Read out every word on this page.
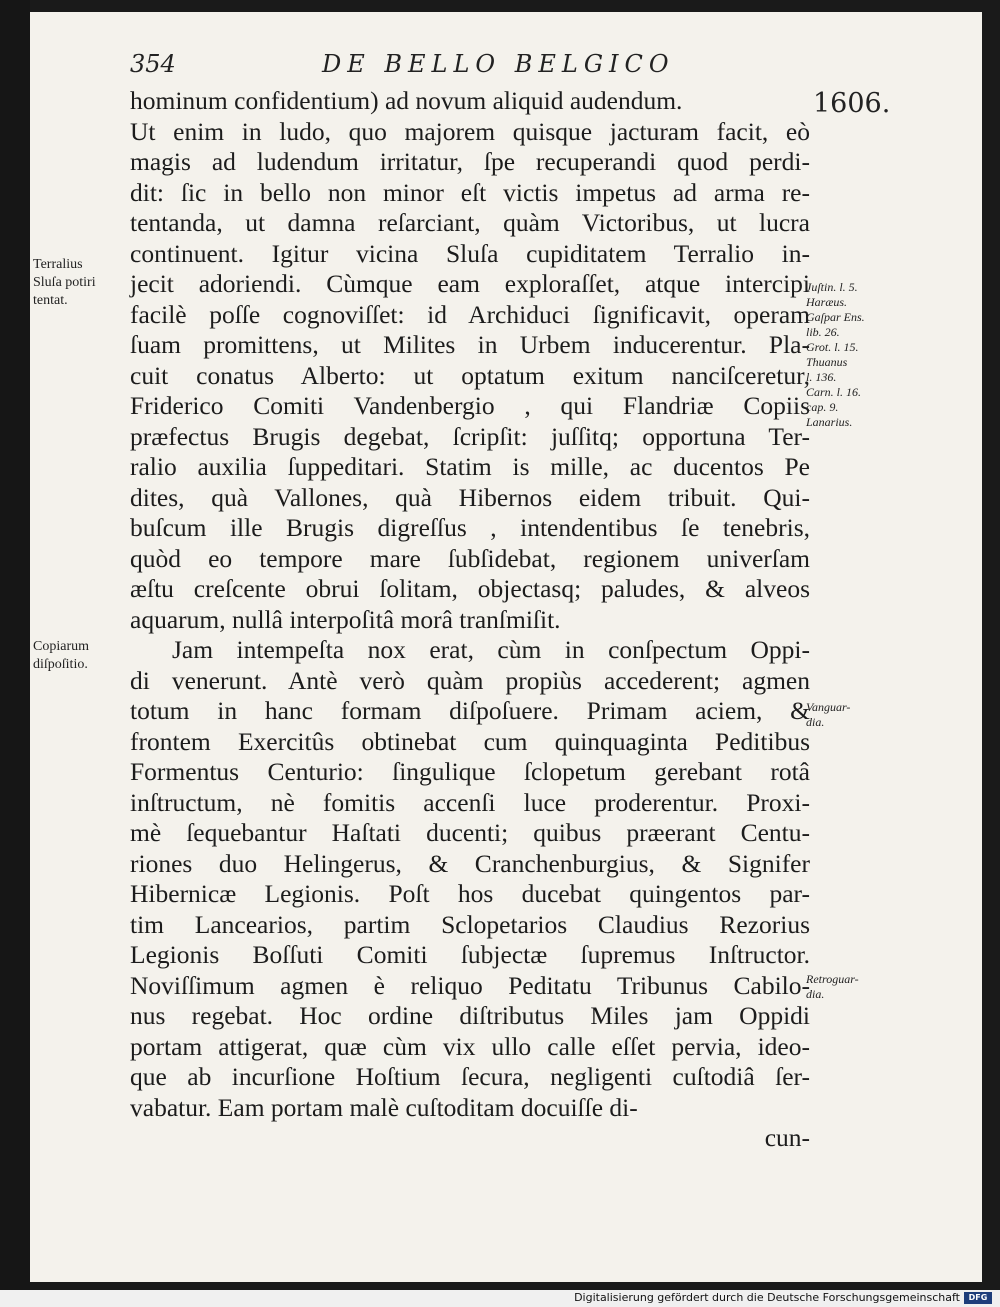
354	DE BELLO BELGICO
1606.
hominum confidentium) ad novum aliquid audendum.
Ut enim in ludo, quo majorem quisque jacturam facit, eò
magis ad ludendum irritatur, ſpe recuperandi quod perdi-
dit: ſic in bello non minor eſt victis impetus ad arma re-
tentanda, ut damna reſarciant, quàm Victoribus, ut lucra
continuent. Igitur vicina Sluſa cupiditatem Terralio in-
jecit adoriendi. Cùmque eam exploraſſet, atque intercipi
facilè poſſe cognoviſſet: id Archiduci ſignificavit, operam
ſuam promittens, ut Milites in Urbem inducerentur. Pla-
cuit conatus Alberto: ut optatum exitum nanciſceretur,
Friderico Comiti Vandenbergio , qui Flandriæ Copiis
præfectus Brugis degebat, ſcripſit: juſſitq; opportuna Ter-
ralio auxilia ſuppeditari. Statim is mille, ac ducentos Pe
dites, quà Vallones, quà Hibernos eidem tribuit. Qui-
buſcum ille Brugis digreſſus , intendentibus ſe tenebris,
quòd eo tempore mare ſubſidebat, regionem univerſam
æſtu creſcente obrui ſolitam, objectasq; paludes, & alveos
aquarum, nullâ interpoſitâ morâ tranſmiſit.
Jam intempeſta nox erat, cùm in conſpectum Oppi-
di venerunt. Antè verò quàm propiùs accederent; agmen
totum in hanc formam diſpoſuere. Primam aciem, &
frontem Exercitûs obtinebat cum quinquaginta Peditibus
Formentus Centurio: ſingulique ſclopetum gerebant rotâ
inſtructum, nè fomitis accenſi luce proderentur. Proxi-
mè ſequebantur Haſtati ducenti; quibus præerant Centu-
riones duo Helingerus, & Cranchenburgius, & Signifer
Hibernicæ Legionis. Poſt hos ducebat quingentos par-
tim Lancearios, partim Sclopetarios Claudius Rezorius
Legionis Boſſuti Comiti ſubjectæ ſupremus Inſtructor.
Noviſſimum agmen è reliquo Peditatu Tribunus Cabilo-
nus regebat. Hoc ordine diſtributus Miles jam Oppidi
portam attigerat, quæ cùm vix ullo calle eſſet pervia, ideo-
que ab incurſione Hoſtium ſecura, negligenti cuſtodiâ ſer-
vabatur. Eam portam malè cuſtoditam docuiſſe di-
cun-
Terralius
Sluſa potiri
tentat.
Copiarum
diſpoſitio.
Juſtin. l. 5.
Haræus.
Gaſpar Ens.
lib. 26.
Grot. l. 15.
Thuanus
l. 136.
Carn. l. 16.
cap. 9.
Lanarius.
Vanguar-
dia.
Retroguar-
dia.
Digitalisierung gefördert durch die Deutsche Forschungsgemeinschaft	DFG
